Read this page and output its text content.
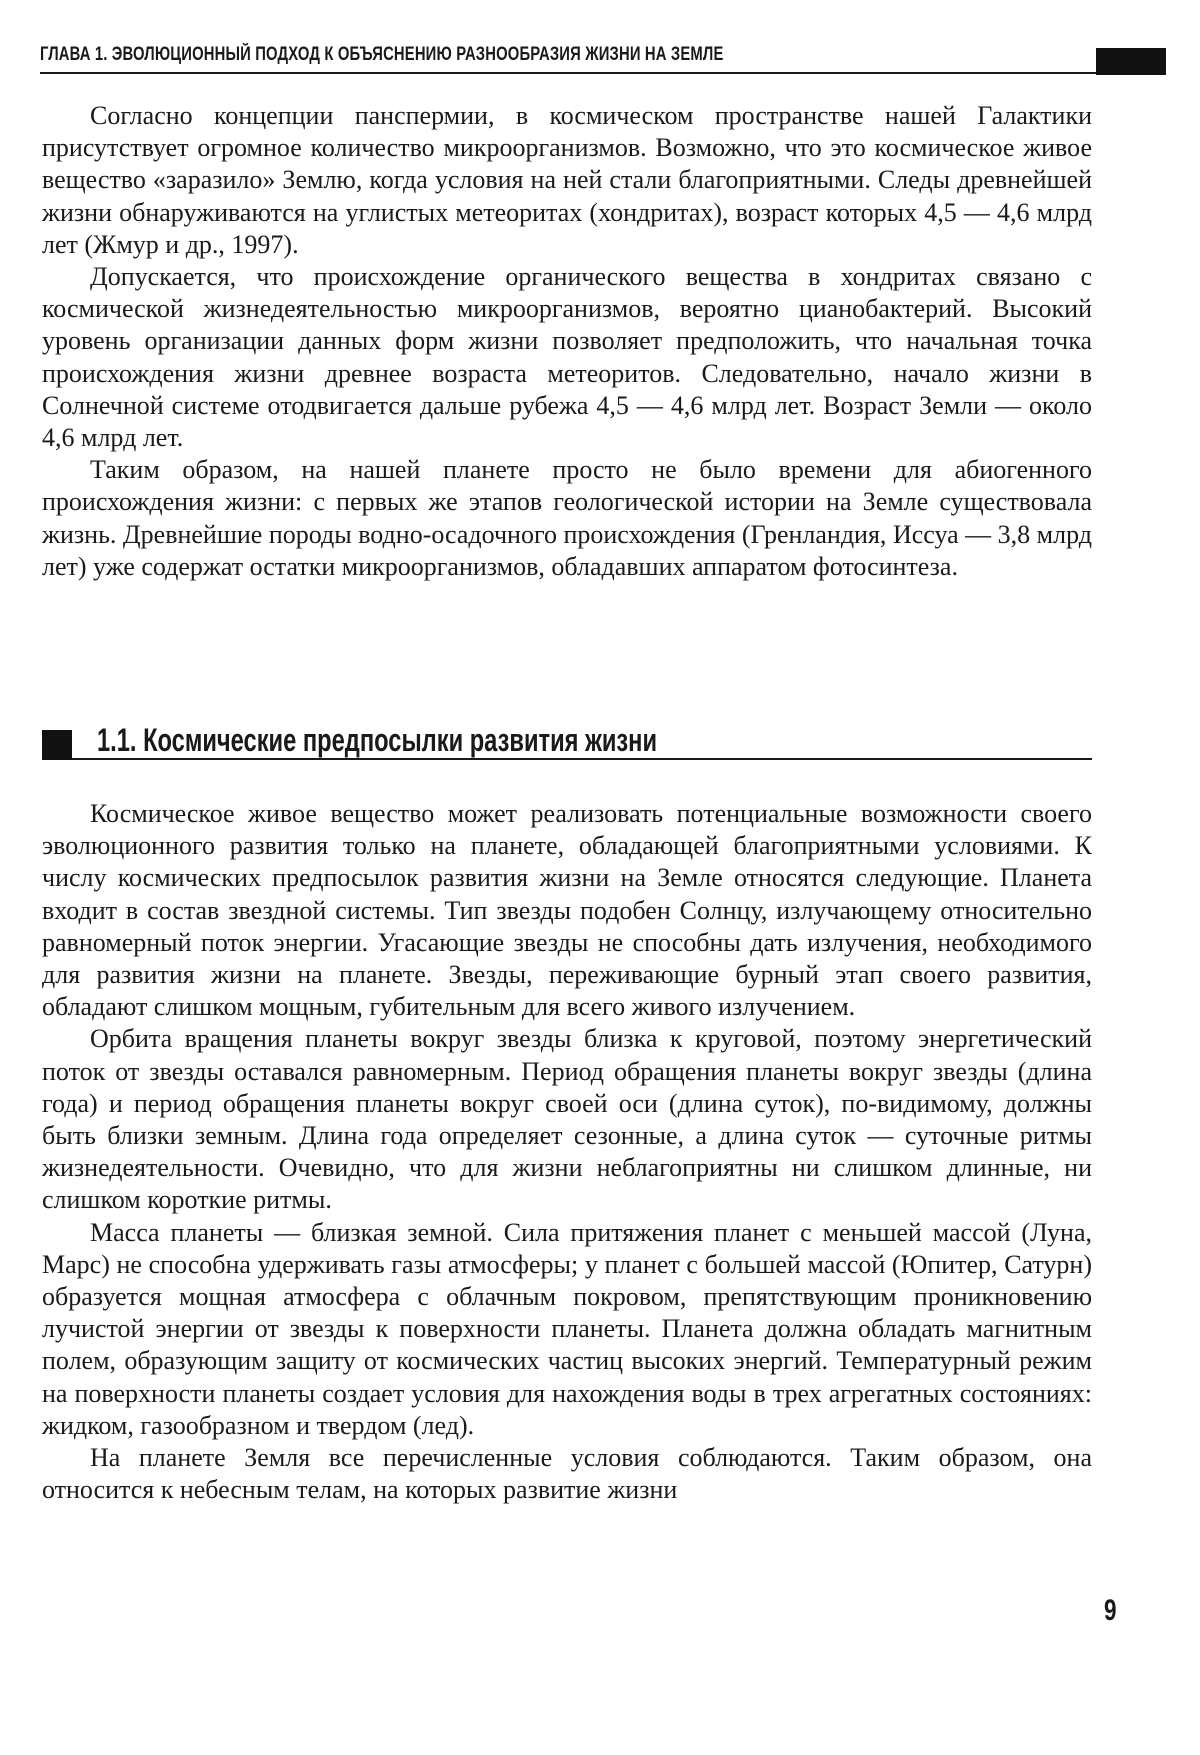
ГЛАВА 1. ЭВОЛЮЦИОННЫЙ ПОДХОД К ОБЪЯСНЕНИЮ РАЗНООБРАЗИЯ ЖИЗНИ НА ЗЕМЛЕ

Согласно концепции панспермии, в космическом пространстве нашей Галактики присутствует огромное количество микроорганизмов. Возможно, что это космическое живое вещество «заразило» Землю, когда условия на ней стали благоприятными. Следы древнейшей жизни обнаруживаются на углистых метеоритах (хондритах), возраст которых 4,5 — 4,6 млрд лет (Жмур и др., 1997).

Допускается, что происхождение органического вещества в хондритах связано с космической жизнедеятельностью микроорганизмов, вероятно цианобактерий. Высокий уровень организации данных форм жизни позволяет предположить, что начальная точка происхождения жизни древнее возраста метеоритов. Следовательно, начало жизни в Солнечной системе отодвигается дальше рубежа 4,5 — 4,6 млрд лет. Возраст Земли — около 4,6 млрд лет.

Таким образом, на нашей планете просто не было времени для абиогенного происхождения жизни: с первых же этапов геологической истории на Земле существовала жизнь. Древнейшие породы водно-осадочного происхождения (Гренландия, Иссуа — 3,8 млрд лет) уже содержат остатки микроорганизмов, обладавших аппаратом фотосинтеза.

1.1. Космические предпосылки развития жизни

Космическое живое вещество может реализовать потенциальные возможности своего эволюционного развития только на планете, обладающей благоприятными условиями. К числу космических предпосылок развития жизни на Земле относятся следующие. Планета входит в состав звездной системы. Тип звезды подобен Солнцу, излучающему относительно равномерный поток энергии. Угасающие звезды не способны дать излучения, необходимого для развития жизни на планете. Звезды, переживающие бурный этап своего развития, обладают слишком мощным, губительным для всего живого излучением.

Орбита вращения планеты вокруг звезды близка к круговой, поэтому энергетический поток от звезды оставался равномерным. Период обращения планеты вокруг звезды (длина года) и период обращения планеты вокруг своей оси (длина суток), по-видимому, должны быть близки земным. Длина года определяет сезонные, а длина суток — суточные ритмы жизнедеятельности. Очевидно, что для жизни неблагоприятны ни слишком длинные, ни слишком короткие ритмы.

Масса планеты — близкая земной. Сила притяжения планет с меньшей массой (Луна, Марс) не способна удерживать газы атмосферы; у планет с большей массой (Юпитер, Сатурн) образуется мощная атмосфера с облачным покровом, препятствующим проникновению лучистой энергии от звезды к поверхности планеты. Планета должна обладать магнитным полем, образующим защиту от космических частиц высоких энергий. Температурный режим на поверхности планеты создает условия для нахождения воды в трех агрегатных состояниях: жидком, газообразном и твердом (лед).

На планете Земля все перечисленные условия соблюдаются. Таким образом, она относится к небесным телам, на которых развитие жизни

9
